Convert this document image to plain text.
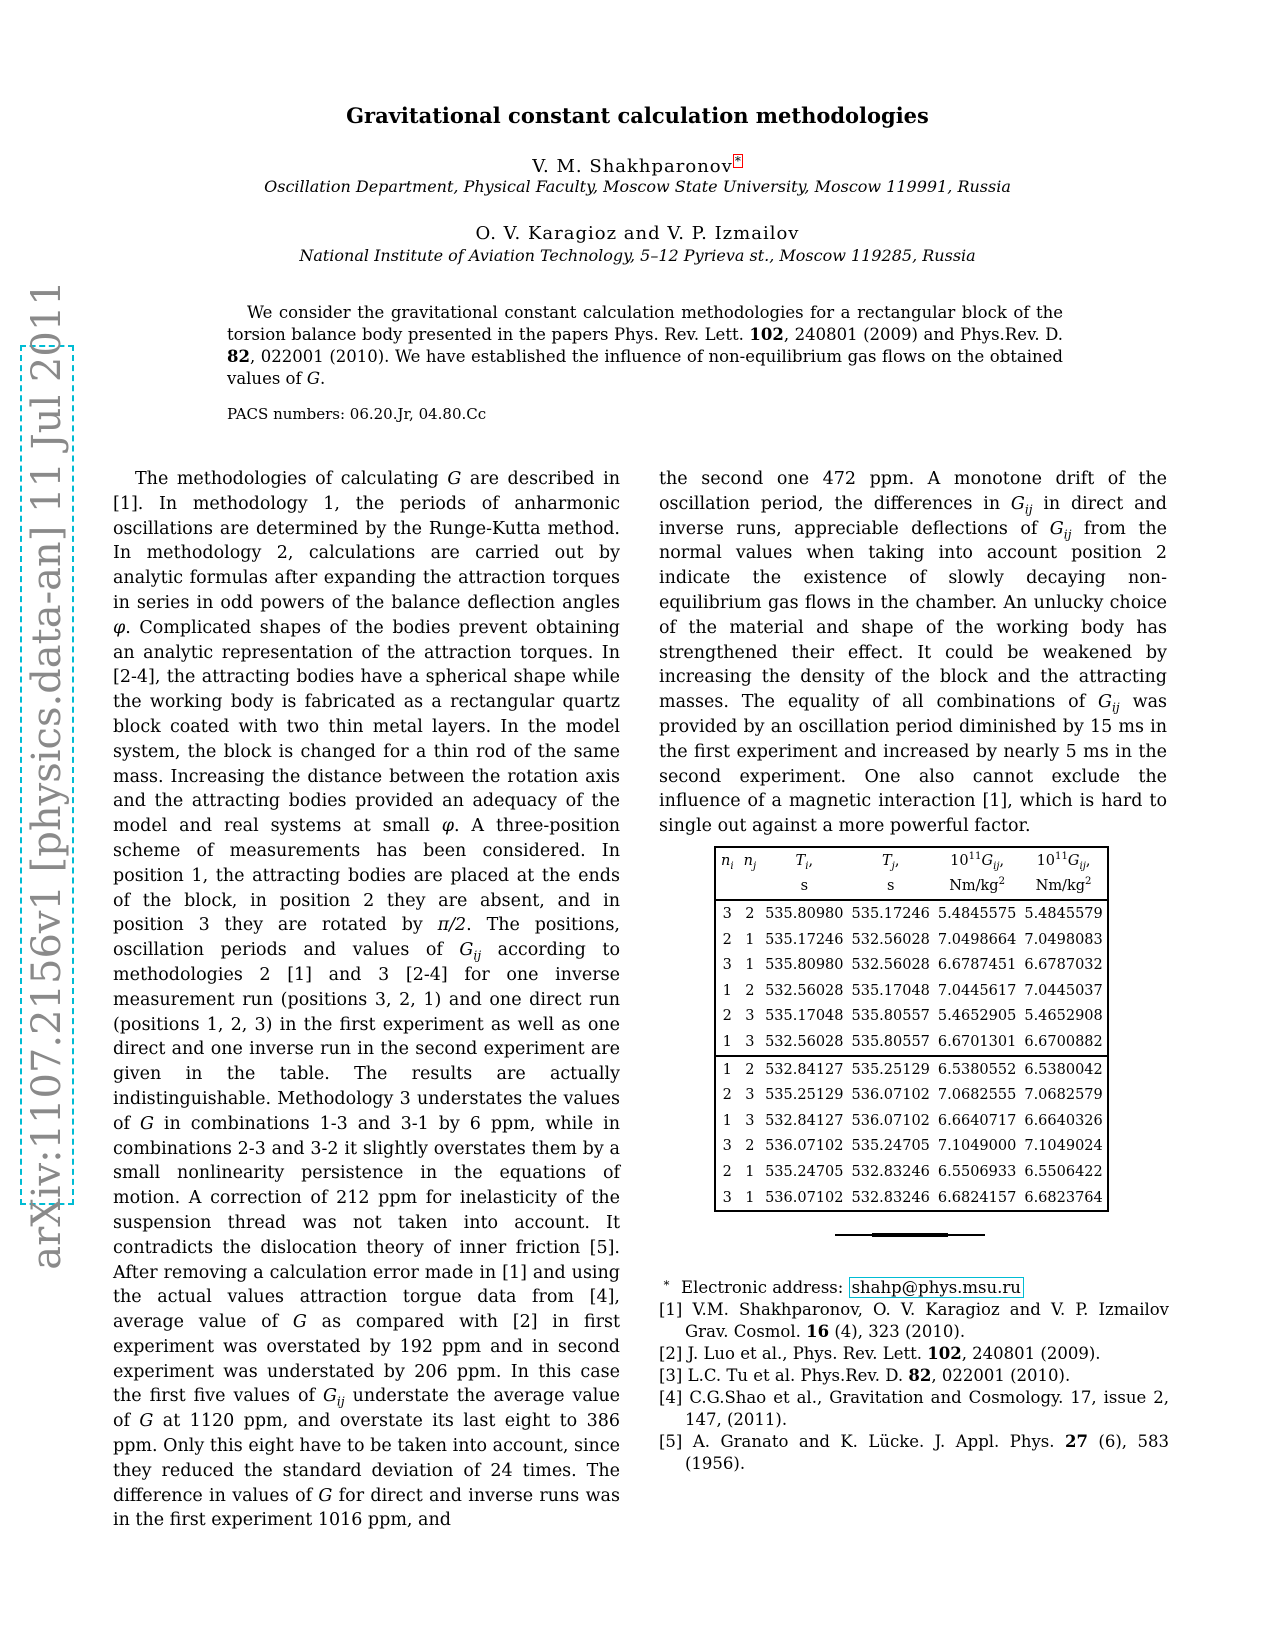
arXiv:1107.2156v1 [physics.data-an] 11 Jul 2011
Gravitational constant calculation methodologies
V. M. Shakhparonov *
Oscillation Department, Physical Faculty, Moscow State University, Moscow 119991, Russia
O. V. Karagioz and V. P. Izmailov
National Institute of Aviation Technology, 5–12 Pyrieva st., Moscow 119285, Russia
We consider the gravitational constant calculation methodologies for a rectangular block of the torsion balance body presented in the papers Phys. Rev. Lett. 102, 240801 (2009) and Phys.Rev. D. 82, 022001 (2010). We have established the influence of non-equilibrium gas flows on the obtained values of G.
PACS numbers: 06.20.Jr, 04.80.Cc
The methodologies of calculating G are described in [1]. In methodology 1, the periods of anharmonic oscillations are determined by the Runge-Kutta method. In methodology 2, calculations are carried out by analytic formulas after expanding the attraction torques in series in odd powers of the balance deflection angles φ. Complicated shapes of the bodies prevent obtaining an analytic representation of the attraction torques. In [2-4], the attracting bodies have a spherical shape while the working body is fabricated as a rectangular quartz block coated with two thin metal layers. In the model system, the block is changed for a thin rod of the same mass. Increasing the distance between the rotation axis and the attracting bodies provided an adequacy of the model and real systems at small φ. A three-position scheme of measurements has been considered. In position 1, the attracting bodies are placed at the ends of the block, in position 2 they are absent, and in position 3 they are rotated by π/2. The positions, oscillation periods and values of $G_{ij}$ according to methodologies 2 [1] and 3 [2-4] for one inverse measurement run (positions 3, 2, 1) and one direct run (positions 1, 2, 3) in the first experiment as well as one direct and one inverse run in the second experiment are given in the table. The results are actually indistinguishable. Methodology 3 understates the values of G in combinations 1-3 and 3-1 by 6 ppm, while in combinations 2-3 and 3-2 it slightly overstates them by a small nonlinearity persistence in the equations of motion. A correction of 212 ppm for inelasticity of the suspension thread was not taken into account. It contradicts the dislocation theory of inner friction [5]. After removing a calculation error made in [1] and using the actual values attraction torgue data from [4], average value of G as compared with [2] in first experiment was overstated by 192 ppm and in second experiment was understated by 206 ppm. In this case the first five values of $G_{ij}$ understate the average value of G at 1120 ppm, and overstate its last eight to 386 ppm. Only this eight have to be taken into account, since they reduced the standard deviation of 24 times. The difference in values of G for direct and inverse runs was in the first experiment 1016 ppm, and
the second one 472 ppm. A monotone drift of the oscillation period, the differences in $G_{ij}$ in direct and inverse runs, appreciable deflections of $G_{ij}$ from the normal values when taking into account position 2 indicate the existence of slowly decaying non-equilibrium gas flows in the chamber. An unlucky choice of the material and shape of the working body has strengthened their effect. It could be weakened by increasing the density of the block and the attracting masses. The equality of all combinations of $G_{ij}$ was provided by an oscillation period diminished by 15 ms in the first experiment and increased by nearly 5 ms in the second experiment. One also cannot exclude the influence of a magnetic interaction [1], which is hard to single out against a more powerful factor.
$n_i$	$n_j$	$T_i$,	$T_j$,	$10^{11}G_{ij}$,	$10^{11}G_{ij}$,
		s	s	$Nm/kg^2$	$Nm/kg^2$
3	2	535.80980	535.17246	5.4845575	5.4845579
2	1	535.17246	532.56028	7.0498664	7.0498083
3	1	535.80980	532.56028	6.6787451	6.6787032
1	2	532.56028	535.17048	7.0445617	7.0445037
2	3	535.17048	535.80557	5.4652905	5.4652908
1	3	532.56028	535.80557	6.6701301	6.6700882
1	2	532.84127	535.25129	6.5380552	6.5380042
2	3	535.25129	536.07102	7.0682555	7.0682579
1	3	532.84127	536.07102	6.6640717	6.6640326
3	2	536.07102	535.24705	7.1049000	7.1049024
2	1	535.24705	532.83246	6.5506933	6.5506422
3	1	536.07102	532.83246	6.6824157	6.6823764
∗ Electronic address: shahp@phys.msu.ru
[1] V.M. Shakhparonov, O. V. Karagioz and V. P. Izmailov Grav. Cosmol. 16 (4), 323 (2010).
[2] J. Luo et al., Phys. Rev. Lett. 102, 240801 (2009).
[3] L.C. Tu et al. Phys.Rev. D. 82, 022001 (2010).
[4] C.G.Shao et al., Gravitation and Cosmology. 17, issue 2, 147, (2011).
[5] A. Granato and K. Lücke. J. Appl. Phys. 27 (6), 583 (1956).
